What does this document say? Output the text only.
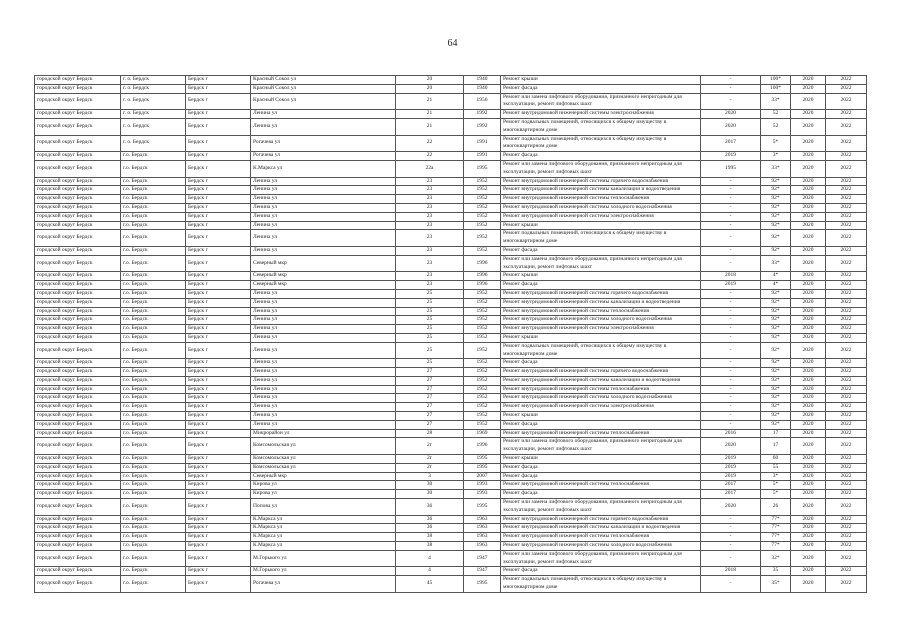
64
городской округ Бердск	г. о. Бердск	Бердск г	Красный Сокол ул	20	1940	Ремонт крыши	-	100*	2020	2022
городской округ Бердск	г. о. Бердск	Бердск г	Красный Сокол ул	20	1940	Ремонт фасада	-	100*	2020	2022
городской округ Бердск	г. о. Бердск	Бердск г	Красный Сокол ул	21	1956	Ремонт или замена лифтового оборудования, признанного непригодным для эксплуатации, ремонт лифтовых шахт	-	33*	2020	2022
городской округ Бердск	г. о. Бердск	Бердск г	Ленина ул	21	1992	Ремонт внутридомовой инженерной системы электроснабжения	2020	52	2020	2022
городской округ Бердск	г. о. Бердск	Бердск г	Ленина ул	21	1992	Ремонт подвальных помещений, относящихся к общему имуществу в многоквартирном доме	2020	52	2020	2022
городской округ Бердск	г. о. Бердск	Бердск г	Рогачева ул	22	1991	Ремонт подвальных помещений, относящихся к общему имуществу в многоквартирном доме	2017	5*	2020	2022
городской округ Бердск	г.о. Бердск	Бердск г	Рогачева ул	22	1991	Ремонт фасада	2019	3*	2020	2022
городской округ Бердск	г.о. Бердск	Бердск г	К.Маркса ул	22а	1995	Ремонт или замена лифтового оборудования, признанного непригодным для эксплуатации, ремонт лифтовых шахт	1995	33*	2020	2022
городской округ Бердск	г.о. Бердск	Бердск г	Ленина ул	23	1952	Ремонт внутридомовой инженерной системы горячего водоснабжения	-	92*	2020	2022
городской округ Бердск	г.о. Бердск	Бердск г	Ленина ул	23	1952	Ремонт внутридомовой инженерной системы канализации и водоотведения	-	92*	2020	2022
городской округ Бердск	г.о. Бердск	Бердск г	Ленина ул	23	1952	Ремонт внутридомовой инженерной системы теплоснабжения	-	92*	2020	2022
городской округ Бердск	г.о. Бердск	Бердск г	Ленина ул	23	1952	Ремонт внутридомовой инженерной системы холодного водоснабжения	-	92*	2020	2022
городской округ Бердск	г.о. Бердск	Бердск г	Ленина ул	23	1952	Ремонт внутридомовой инженерной системы электроснабжения	-	92*	2020	2022
городской округ Бердск	г.о. Бердск	Бердск г	Ленина ул	23	1952	Ремонт крыши	-	92*	2020	2022
городской округ Бердск	г.о. Бердск	Бердск г	Ленина ул	23	1952	Ремонт подвальных помещений, относящихся к общему имуществу в многоквартирном доме	-	92*	2020	2022
городской округ Бердск	г.о. Бердск	Бердск г	Ленина ул	23	1952	Ремонт фасада	-	92*	2020	2022
городской округ Бердск	г.о. Бердск	Бердск г	Северный мкр	23	1996	Ремонт или замена лифтового оборудования, признанного непригодным для эксплуатации, ремонт лифтовых шахт	-	33*	2020	2022
городской округ Бердск	г.о. Бердск	Бердск г	Северный мкр	23	1996	Ремонт крыши	2018	4*	2020	2022
городской округ Бердск	г.о. Бердск	Бердск г	Северный мкр	23	1996	Ремонт фасада	2019	4*	2020	2022
городской округ Бердск	г.о. Бердск	Бердск г	Ленина ул	25	1952	Ремонт внутридомовой инженерной системы горячего водоснабжения	-	92*	2020	2022
городской округ Бердск	г.о. Бердск	Бердск г	Ленина ул	25	1952	Ремонт внутридомовой инженерной системы канализации и водоотведения	-	92*	2020	2022
городской округ Бердск	г.о. Бердск	Бердск г	Ленина ул	25	1952	Ремонт внутридомовой инженерной системы теплоснабжения	-	92*	2020	2022
городской округ Бердск	г.о. Бердск	Бердск г	Ленина ул	25	1952	Ремонт внутридомовой инженерной системы холодного водоснабжения	-	92*	2020	2022
городской округ Бердск	г.о. Бердск	Бердск г	Ленина ул	25	1952	Ремонт внутридомовой инженерной системы электроснабжения	-	92*	2020	2022
городской округ Бердск	г.о. Бердск	Бердск г	Ленина ул	25	1952	Ремонт крыши	-	92*	2020	2022
городской округ Бердск	г.о. Бердск	Бердск г	Ленина ул	25	1952	Ремонт подвальных помещений, относящихся к общему имуществу в многоквартирном доме	-	92*	2020	2022
городской округ Бердск	г.о. Бердск	Бердск г	Ленина ул	25	1952	Ремонт фасада	-	92*	2020	2022
городской округ Бердск	г.о. Бердск	Бердск г	Ленина ул	27	1952	Ремонт внутридомовой инженерной системы горячего водоснабжения	-	92*	2020	2022
городской округ Бердск	г.о. Бердск	Бердск г	Ленина ул	27	1952	Ремонт внутридомовой инженерной системы канализации и водоотведения	-	92*	2020	2022
городской округ Бердск	г.о. Бердск	Бердск г	Ленина ул	27	1952	Ремонт внутридомовой инженерной системы теплоснабжения	-	92*	2020	2022
городской округ Бердск	г.о. Бердск	Бердск г	Ленина ул	27	1952	Ремонт внутридомовой инженерной системы холодного водоснабжения	-	92*	2020	2022
городской округ Бердск	г.о. Бердск	Бердск г	Ленина ул	27	1952	Ремонт внутридомовой инженерной системы электроснабжения	-	92*	2020	2022
городской округ Бердск	г.о. Бердск	Бердск г	Ленина ул	27	1952	Ремонт крыши	-	92*	2020	2022
городской округ Бердск	г.о. Бердск	Бердск г	Ленина ул	27	1952	Ремонт фасада	-	92*	2020	2022
городской округ Бердск	г.о. Бердск	Бердск г	Микрорайон ул	28	1969	Ремонт внутридомовой инженерной системы теплоснабжения	2016	17	2020	2022
городской округ Бердск	г.о. Бердск	Бердск г	Комсомольская ул	2г	1996	Ремонт или замена лифтового оборудования, признанного непригодным для эксплуатации, ремонт лифтовых шахт	2020	17	2020	2022
городской округ Бердск	г.о. Бердск	Бердск г	Комсомольская ул	2г	1995	Ремонт крыши	2019	60	2020	2022
городской округ Бердск	г.о. Бердск	Бердск г	Комсомольская ул	2г	1995	Ремонт фасада	2019	55	2020	2022
городской округ Бердск	г.о. Бердск	Бердск г	Северный мкр	3	2007	Ремонт фасада	2019	3*	2020	2022
городской округ Бердск	г.о. Бердск	Бердск г	Кирова ул	30	1993	Ремонт внутридомовой инженерной системы теплоснабжения	2017	5*	2020	2022
городской округ Бердск	г.о. Бердск	Бердск г	Кирова ул	30	1993	Ремонт фасада	2017	5*	2020	2022
городской округ Бердск	г.о. Бердск	Бердск г	Попова ул	36	1995	Ремонт или замена лифтового оборудования, признанного непригодным для эксплуатации, ремонт лифтовых шахт	2020	26	2020	2022
городской округ Бердск	г.о. Бердск	Бердск г	К.Маркса ул	36	1963	Ремонт внутридомовой инженерной системы горячего водоснабжения	-	77*	2020	2022
городской округ Бердск	г.о. Бердск	Бердск г	К.Маркса ул	36	1963	Ремонт внутридомовой инженерной системы канализации и водоотведения	-	77*	2020	2022
городской округ Бердск	г.о. Бердск	Бердск г	К.Маркса ул	38	1963	Ремонт внутридомовой инженерной системы теплоснабжения	-	77*	2020	2022
городской округ Бердск	г.о. Бердск	Бердск г	К.Маркса ул	38	1963	Ремонт внутридомовой инженерной системы холодного водоснабжения	-	77*	2020	2022
городской округ Бердск	г.о. Бердск	Бердск г	М.Горького ул	4	1947	Ремонт или замена лифтового оборудования, признанного непригодным для эксплуатации, ремонт лифтовых шахт	-	32*	2020	2022
городской округ Бердск	г.о. Бердск	Бердск г	М.Горького ул	4	1947	Ремонт фасада	2018	35	2020	2022
городской округ Бердск	г.о. Бердск	Бердск г	Рогачева ул	45	1995	Ремонт подвальных помещений, относящихся к общему имуществу в многоквартирном доме	-	35*	2020	2022
